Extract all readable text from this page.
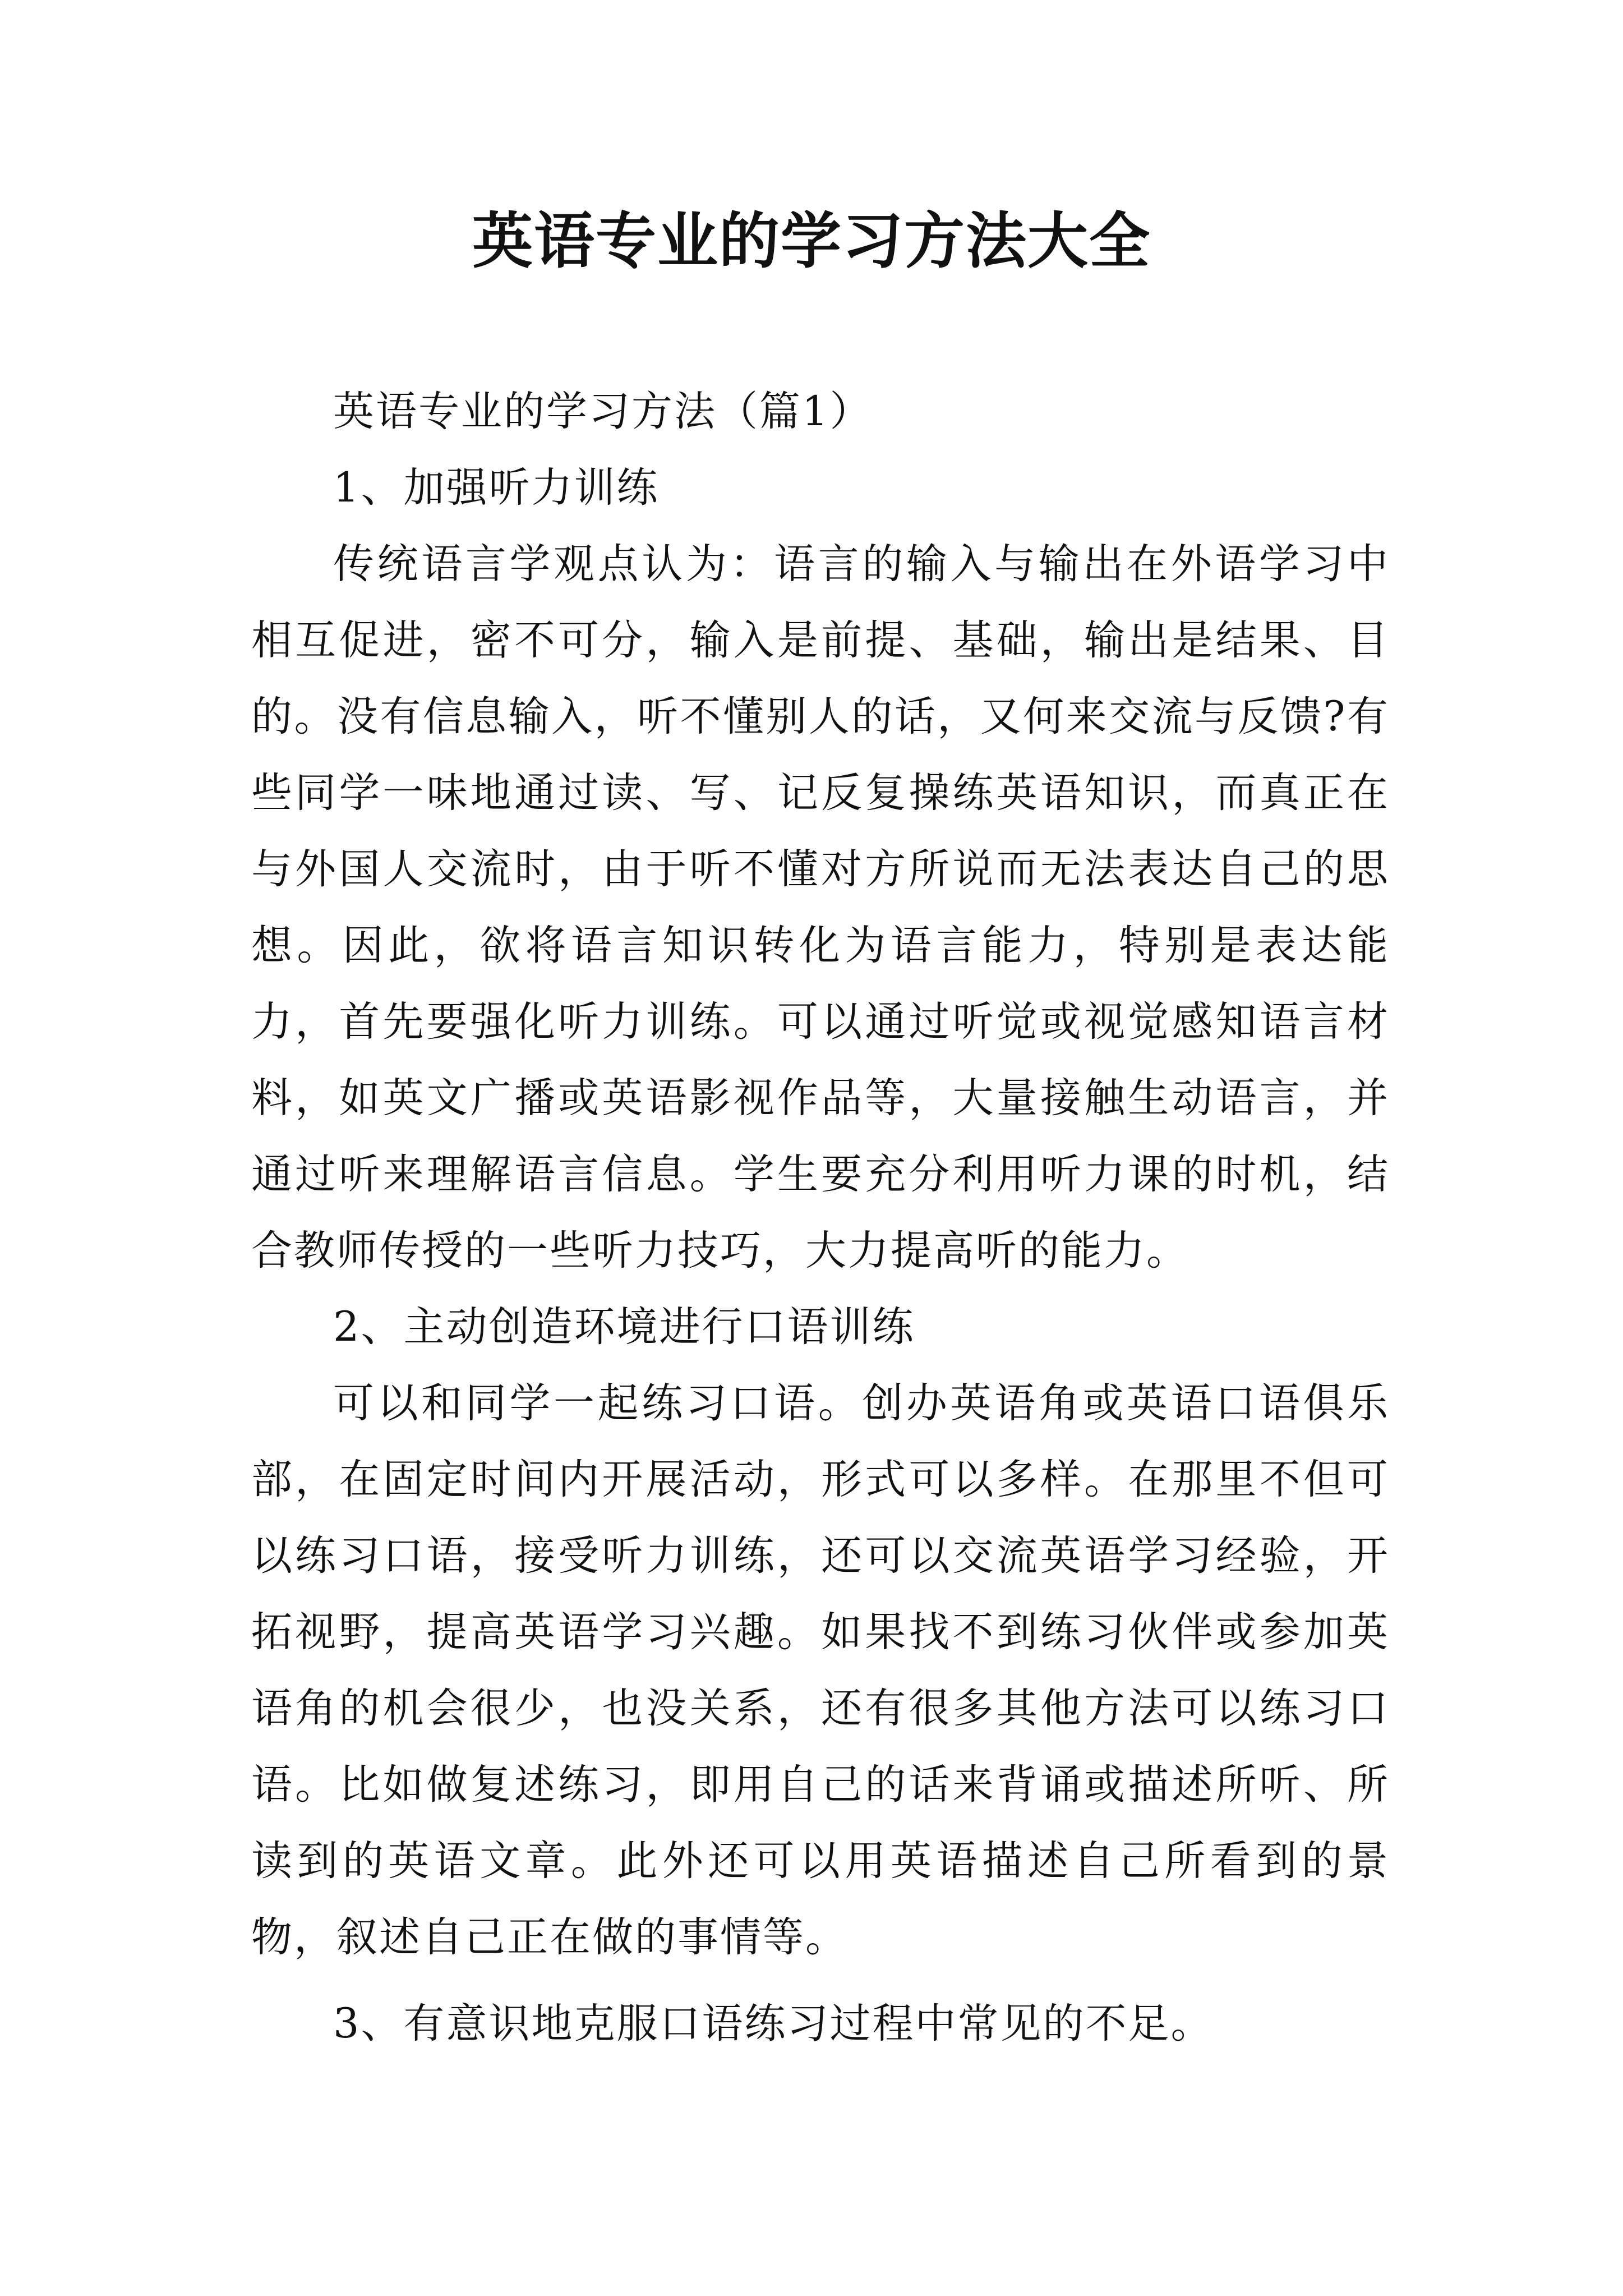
英语专业的学习方法大全

英语专业的学习方法（篇1）

1、加强听力训练

传统语言学观点认为：语言的输入与输出在外语学习中相互促进，密不可分，输入是前提、基础，输出是结果、目的。没有信息输入，听不懂别人的话，又何来交流与反馈?有些同学一味地通过读、写、记反复操练英语知识，而真正在与外国人交流时，由于听不懂对方所说而无法表达自己的思想。因此，欲将语言知识转化为语言能力，特别是表达能力，首先要强化听力训练。可以通过听觉或视觉感知语言材料，如英文广播或英语影视作品等，大量接触生动语言，并通过听来理解语言信息。学生要充分利用听力课的时机，结合教师传授的一些听力技巧，大力提高听的能力。

2、主动创造环境进行口语训练

可以和同学一起练习口语。创办英语角或英语口语俱乐部，在固定时间内开展活动，形式可以多样。在那里不但可以练习口语，接受听力训练，还可以交流英语学习经验，开拓视野，提高英语学习兴趣。如果找不到练习伙伴或参加英语角的机会很少，也没关系，还有很多其他方法可以练习口语。比如做复述练习，即用自己的话来背诵或描述所听、所读到的英语文章。此外还可以用英语描述自己所看到的景物，叙述自己正在做的事情等。

3、有意识地克服口语练习过程中常见的不足。
